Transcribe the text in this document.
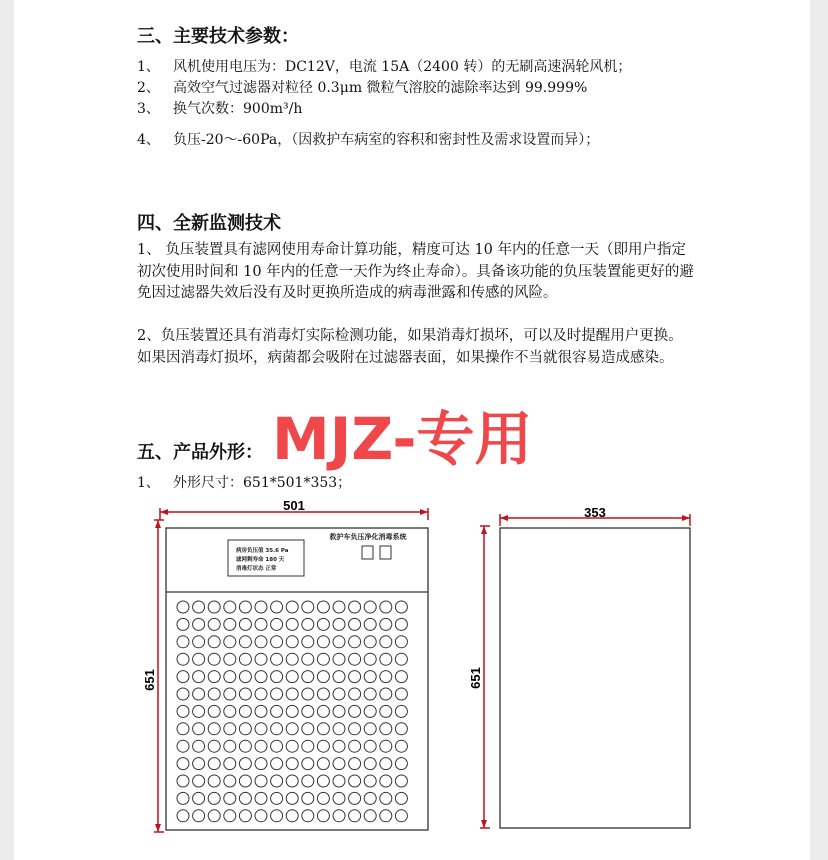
三、主要技术参数：
1、 风机使用电压为：DC12V，电流 15A（2400 转）的无刷高速涡轮风机；
2、 高效空气过滤器对粒径 0.3μm 微粒气溶胶的滤除率达到 99.999%
3、 换气次数：900m³/h
4、 负压-20～-60Pa，（因救护车病室的容积和密封性及需求设置而异）；
四、全新监测技术
1、 负压装置具有滤网使用寿命计算功能，精度可达 10 年内的任意一天（即用户指定初次使用时间和 10 年内的任意一天作为终止寿命）。具备该功能的负压装置能更好的避免因过滤器失效后没有及时更换所造成的病毒泄露和传感的风险。
2、负压装置还具有消毒灯实际检测功能，如果消毒灯损坏，可以及时提醒用户更换。如果因消毒灯损坏，病菌都会吸附在过滤器表面，如果操作不当就很容易造成感染。
五、产品外形： MJZ-专用
1、 外形尺寸：651*501*353；
501
651
救护车负压净化消毒系统
病房负压值 35.6 Pa
滤网剩寿命 180 天
消毒灯状态 正常
353
651
